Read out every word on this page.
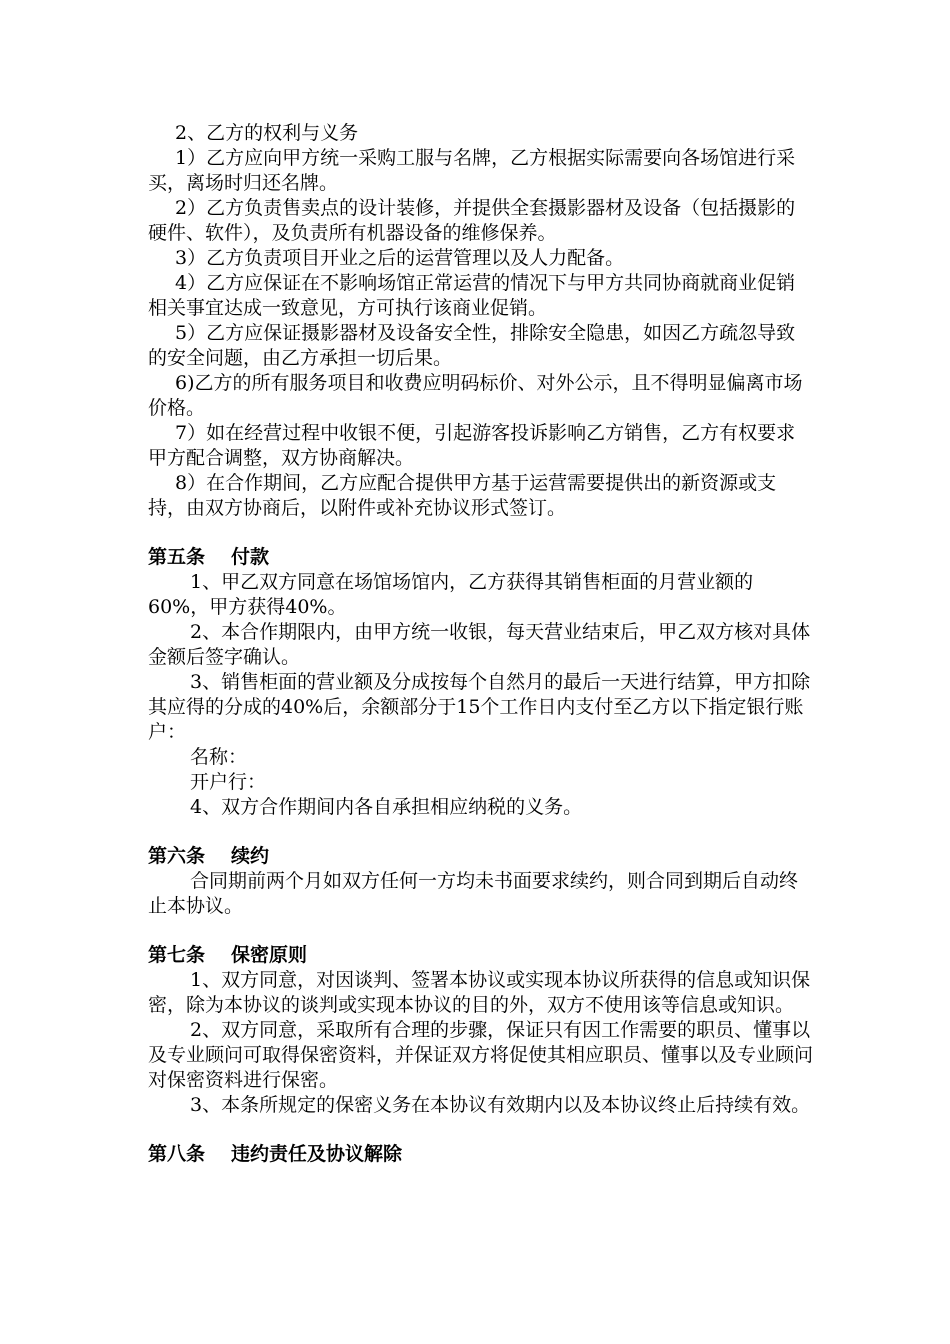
2、乙方的权利与义务

1）乙方应向甲方统一采购工服与名牌，乙方根据实际需要向各场馆进行采买，离场时归还名牌。

2）乙方负责售卖点的设计装修，并提供全套摄影器材及设备（包括摄影的硬件、软件），及负责所有机器设备的维修保养。

3）乙方负责项目开业之后的运营管理以及人力配备。

4）乙方应保证在不影响场馆正常运营的情况下与甲方共同协商就商业促销相关事宜达成一致意见，方可执行该商业促销。

5）乙方应保证摄影器材及设备安全性，排除安全隐患，如因乙方疏忽导致的安全问题，由乙方承担一切后果。

6)乙方的所有服务项目和收费应明码标价、对外公示，且不得明显偏离市场价格。

7）如在经营过程中收银不便，引起游客投诉影响乙方销售，乙方有权要求甲方配合调整，双方协商解决。

8）在合作期间，乙方应配合提供甲方基于运营需要提供出的新资源或支持，由双方协商后，以附件或补充协议形式签订。

第五条 付款

1、甲乙双方同意在场馆场馆内，乙方获得其销售柜面的月营业额的60%，甲方获得40%。

2、本合作期限内，由甲方统一收银，每天营业结束后，甲乙双方核对具体金额后签字确认。

3、销售柜面的营业额及分成按每个自然月的最后一天进行结算，甲方扣除其应得的分成的40%后，余额部分于15个工作日内支付至乙方以下指定银行账户：

名称：

开户行：

4、双方合作期间内各自承担相应纳税的义务。

第六条 续约

合同期前两个月如双方任何一方均未书面要求续约，则合同到期后自动终止本协议。

第七条 保密原则

1、双方同意，对因谈判、签署本协议或实现本协议所获得的信息或知识保密，除为本协议的谈判或实现本协议的目的外，双方不使用该等信息或知识。

2、双方同意，采取所有合理的步骤，保证只有因工作需要的职员、懂事以及专业顾问可取得保密资料，并保证双方将促使其相应职员、懂事以及专业顾问对保密资料进行保密。

3、本条所规定的保密义务在本协议有效期内以及本协议终止后持续有效。

第八条 违约责任及协议解除
